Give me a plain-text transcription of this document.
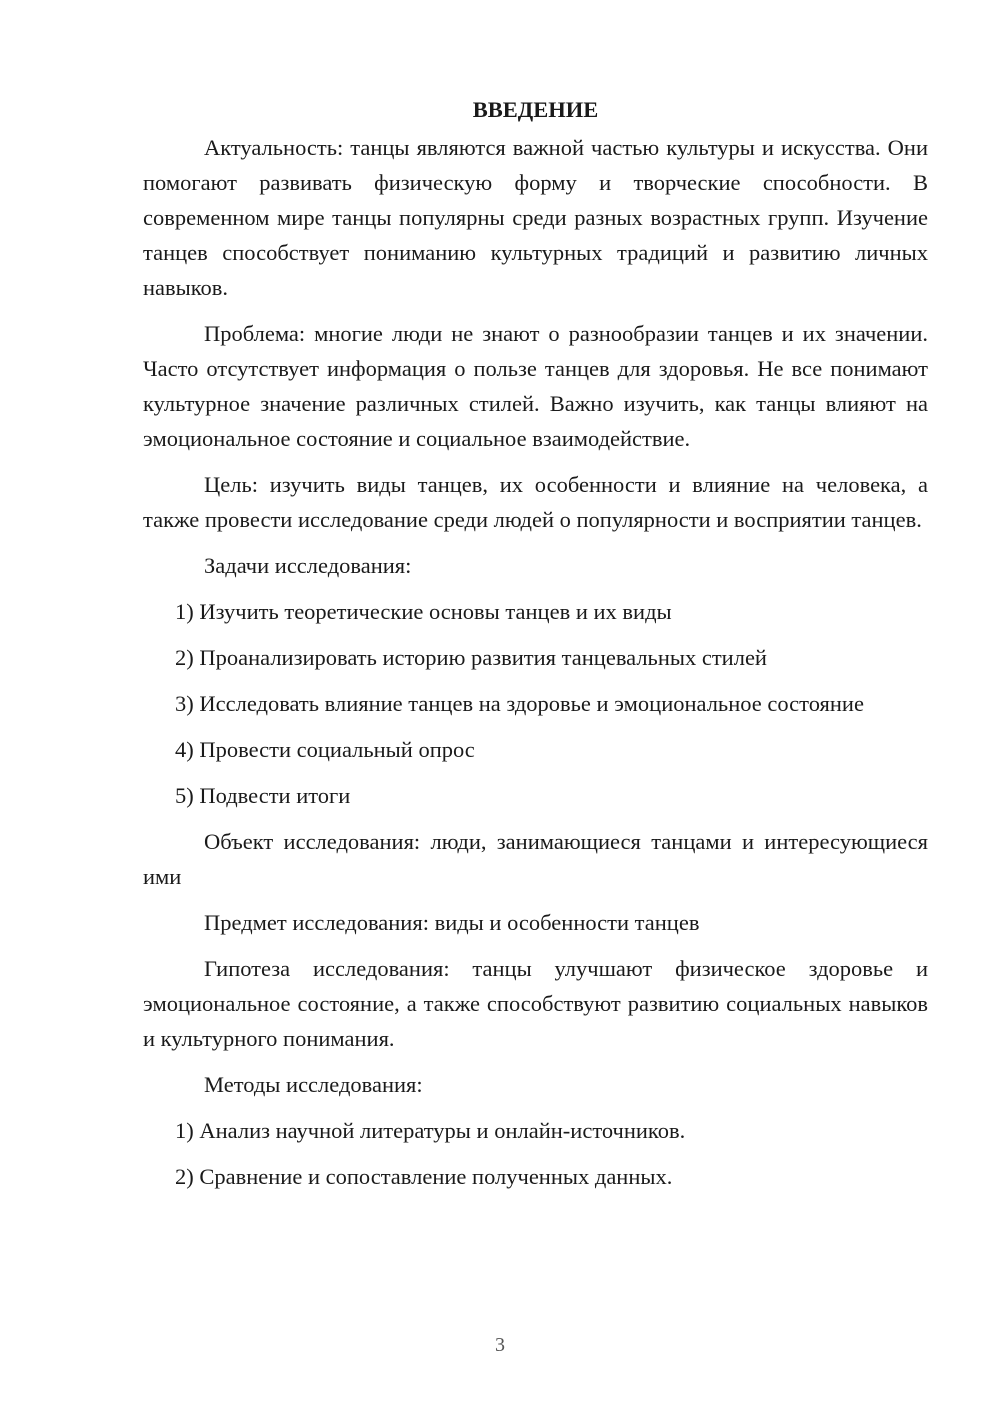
ВВЕДЕНИЕ

Актуальность: танцы являются важной частью культуры и искусства. Они помогают развивать физическую форму и творческие способности. В современном мире танцы популярны среди разных возрастных групп. Изучение танцев способствует пониманию культурных традиций и развитию личных навыков.

Проблема: многие люди не знают о разнообразии танцев и их значении. Часто отсутствует информация о пользе танцев для здоровья. Не все понимают культурное значение различных стилей. Важно изучить, как танцы влияют на эмоциональное состояние и социальное взаимодействие.

Цель: изучить виды танцев, их особенности и влияние на человека, а также провести исследование среди людей о популярности и восприятии танцев.

Задачи исследования:

1) Изучить теоретические основы танцев и их виды

2) Проанализировать историю развития танцевальных стилей

3) Исследовать влияние танцев на здоровье и эмоциональное состояние

4) Провести социальный опрос

5) Подвести итоги

Объект исследования: люди, занимающиеся танцами и интересующиеся ими

Предмет исследования: виды и особенности танцев

Гипотеза исследования: танцы улучшают физическое здоровье и эмоциональное состояние, а также способствуют развитию социальных навыков и культурного понимания.

Методы исследования:

1) Анализ научной литературы и онлайн-источников.

2) Сравнение и сопоставление полученных данных.

3
